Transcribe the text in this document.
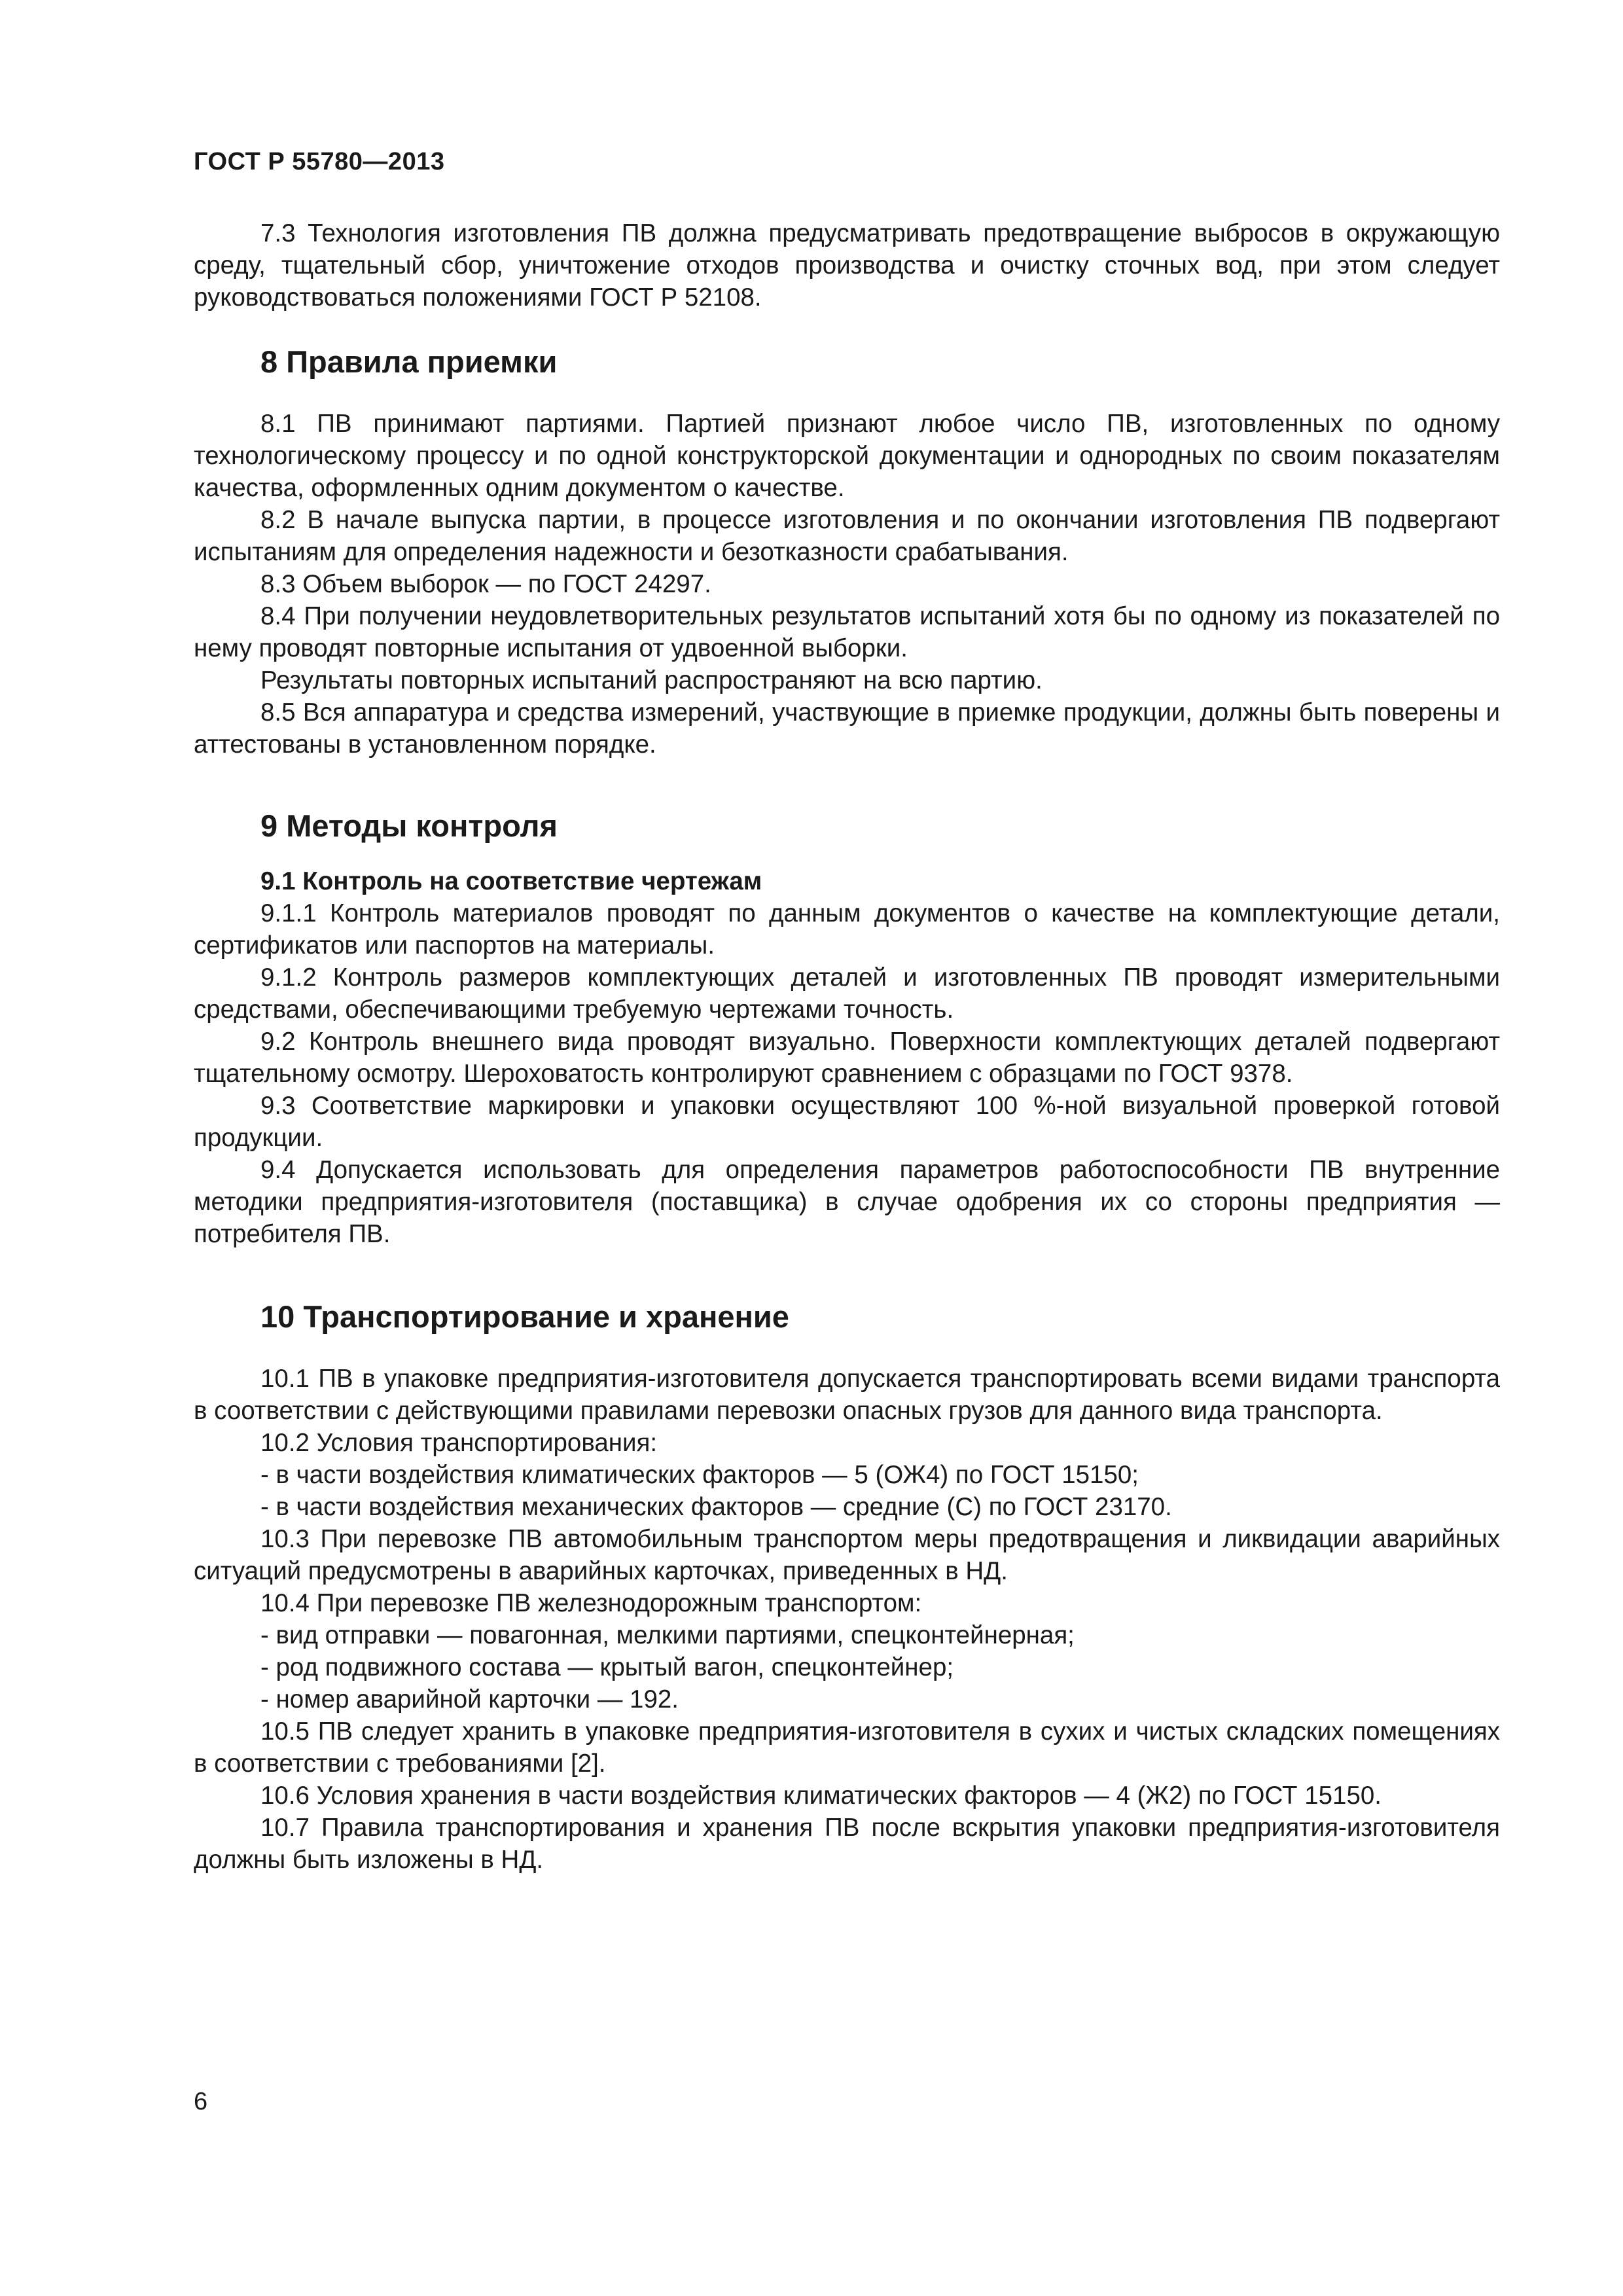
ГОСТ Р 55780—2013

7.3 Технология изготовления ПВ должна предусматривать предотвращение выбросов в окружающую среду, тщательный сбор, уничтожение отходов производства и очистку сточных вод, при этом следует руководствоваться положениями ГОСТ Р 52108.

8 Правила приемки

8.1 ПВ принимают партиями. Партией признают любое число ПВ, изготовленных по одному технологическому процессу и по одной конструкторской документации и однородных по своим показателям качества, оформленных одним документом о качестве.

8.2 В начале выпуска партии, в процессе изготовления и по окончании изготовления ПВ подвергают испытаниям для определения надежности и безотказности срабатывания.

8.3 Объем выборок — по ГОСТ 24297.

8.4 При получении неудовлетворительных результатов испытаний хотя бы по одному из показателей по нему проводят повторные испытания от удвоенной выборки.

Результаты повторных испытаний распространяют на всю партию.

8.5 Вся аппаратура и средства измерений, участвующие в приемке продукции, должны быть поверены и аттестованы в установленном порядке.

9 Методы контроля

9.1 Контроль на соответствие чертежам

9.1.1 Контроль материалов проводят по данным документов о качестве на комплектующие детали, сертификатов или паспортов на материалы.

9.1.2 Контроль размеров комплектующих деталей и изготовленных ПВ проводят измерительными средствами, обеспечивающими требуемую чертежами точность.

9.2 Контроль внешнего вида проводят визуально. Поверхности комплектующих деталей подвергают тщательному осмотру. Шероховатость контролируют сравнением с образцами по ГОСТ 9378.

9.3 Соответствие маркировки и упаковки осуществляют 100 %-ной визуальной проверкой готовой продукции.

9.4 Допускается использовать для определения параметров работоспособности ПВ внутренние методики предприятия-изготовителя (поставщика) в случае одобрения их со стороны предприятия — потребителя ПВ.

10 Транспортирование и хранение

10.1 ПВ в упаковке предприятия-изготовителя допускается транспортировать всеми видами транспорта в соответствии с действующими правилами перевозки опасных грузов для данного вида транспорта.

10.2 Условия транспортирования:

- в части воздействия климатических факторов — 5 (ОЖ4) по ГОСТ 15150;

- в части воздействия механических факторов — средние (С) по ГОСТ 23170.

10.3 При перевозке ПВ автомобильным транспортом меры предотвращения и ликвидации аварийных ситуаций предусмотрены в аварийных карточках, приведенных в НД.

10.4 При перевозке ПВ железнодорожным транспортом:

- вид отправки — повагонная, мелкими партиями, спецконтейнерная;

- род подвижного состава — крытый вагон, спецконтейнер;

- номер аварийной карточки — 192.

10.5 ПВ следует хранить в упаковке предприятия-изготовителя в сухих и чистых складских помещениях в соответствии с требованиями [2].

10.6 Условия хранения в части воздействия климатических факторов — 4 (Ж2) по ГОСТ 15150.

10.7 Правила транспортирования и хранения ПВ после вскрытия упаковки предприятия-изготовителя должны быть изложены в НД.

6
